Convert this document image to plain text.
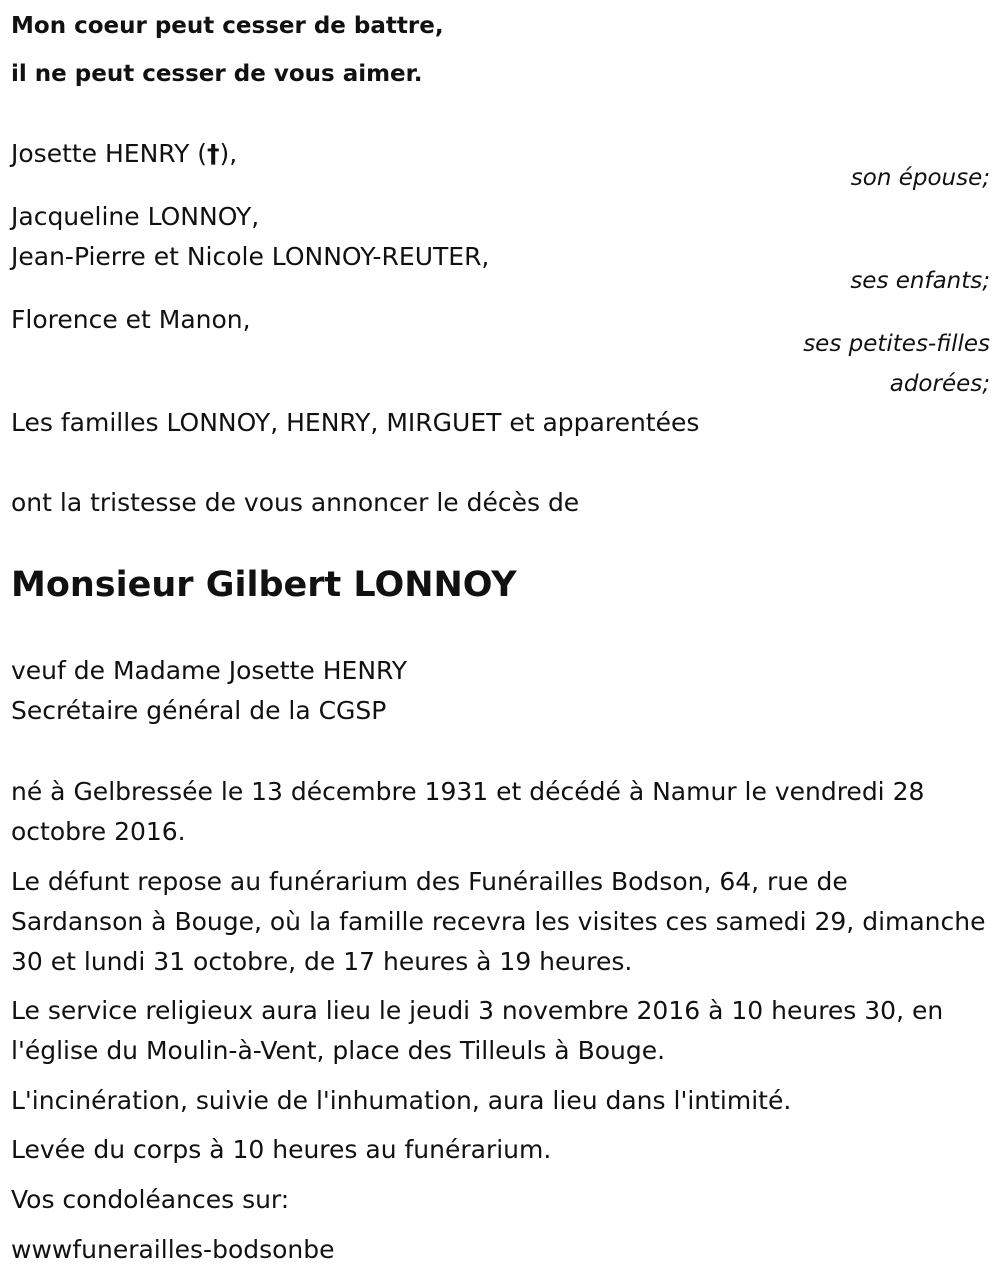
Mon coeur peut cesser de battre,
il ne peut cesser de vous aimer.
Josette HENRY (†),
son épouse;
Jacqueline LONNOY,
Jean-Pierre et Nicole LONNOY-REUTER,
ses enfants;
Florence et Manon,
ses petites-filles
adorées;
Les familles LONNOY, HENRY, MIRGUET et apparentées
ont la tristesse de vous annoncer le décès de
Monsieur Gilbert LONNOY
veuf de Madame Josette HENRY
Secrétaire général de la CGSP
né à Gelbressée le 13 décembre 1931 et décédé à Namur le vendredi 28 octobre 2016.
Le défunt repose au funérarium des Funérailles Bodson, 64, rue de Sardanson à Bouge, où la famille recevra les visites ces samedi 29, dimanche 30 et lundi 31 octobre, de 17 heures à 19 heures.
Le service religieux aura lieu le jeudi 3 novembre 2016 à 10 heures 30, en l'église du Moulin-à-Vent, place des Tilleuls à Bouge.
L'incinération, suivie de l'inhumation, aura lieu dans l'intimité.
Levée du corps à 10 heures au funérarium.
Vos condoléances sur:
wwwfunerailles-bodsonbe
